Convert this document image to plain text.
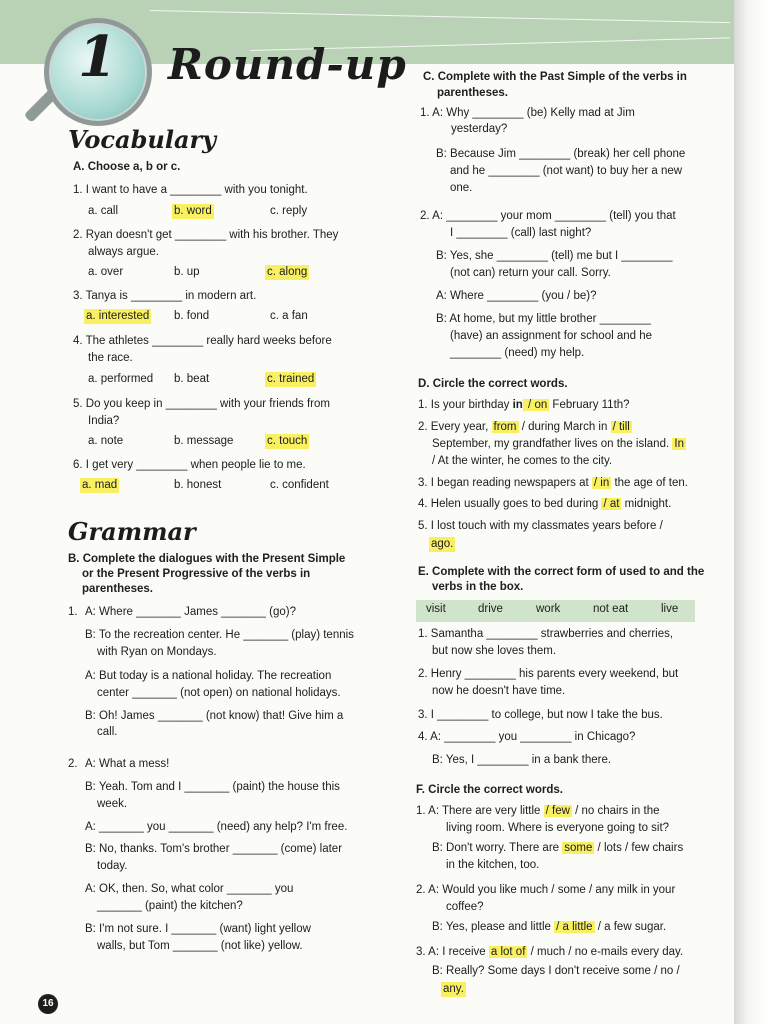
1 Round-up
Vocabulary
A. Choose a, b or c.
1. I want to have a ________ with you tonight.
a. call	b. word	c. reply
2. Ryan doesn't get ________ with his brother. They
always argue.
a. over	b. up	c. along
3. Tanya is ________ in modern art.
a. interested b. fond	c. a fan
4. The athletes ________ really hard weeks before
the race.
a. performed b. beat	c. trained
5. Do you keep in ________ with your friends from
India?
a. note	b. message	c. touch
6. I get very ________ when people lie to me.
a. mad	b. honest	c. confident
Grammar
B. Complete the dialogues with the Present Simple
or the Present Progressive of the verbs in
parentheses.
1. A: Where _______ James _______ (go)?
B: To the recreation center. He _______ (play) tennis
with Ryan on Mondays.
A: But today is a national holiday. The recreation
center _______ (not open) on national holidays.
B: Oh! James _______ (not know) that! Give him a
call.
2. A: What a mess!
B: Yeah. Tom and I _______ (paint) the house this
week.
A: _______ you _______ (need) any help? I'm free.
B: No, thanks. Tom's brother _______ (come) later
today.
A: OK, then. So, what color _______ you
_______ (paint) the kitchen?
B: I'm not sure. I _______ (want) light yellow
walls, but Tom _______ (not like) yellow.
C. Complete with the Past Simple of the verbs in
parentheses.
1. A: Why ________ (be) Kelly mad at Jim
yesterday?
B: Because Jim ________ (break) her cell phone
and he ________ (not want) to buy her a new
one.
2. A: ________ your mom ________ (tell) you that
I ________ (call) last night?
B: Yes, she ________ (tell) me but I ________
(not can) return your call. Sorry.
A: Where ________ (you / be)?
B: At home, but my little brother ________
(have) an assignment for school and he
________ (need) my help.
D. Circle the correct words.
1. Is your birthday in / on February 11th?
2. Every year, from / during March in / till
September, my grandfather lives on the island. In
/ At the winter, he comes to the city.
3. I began reading newspapers at / in the age of ten.
4. Helen usually goes to bed during / at midnight.
5. I lost touch with my classmates years before /
ago.
E. Complete with the correct form of used to and the
verbs in the box.
visit	drive	work	not eat	live
1. Samantha ________ strawberries and cherries,
but now she loves them.
2. Henry ________ his parents every weekend, but
now he doesn't have time.
3. I ________ to college, but now I take the bus.
4. A: ________ you ________ in Chicago?
B: Yes, I ________ in a bank there.
F. Circle the correct words.
1. A: There are very little / few / no chairs in the
living room. Where is everyone going to sit?
B: Don't worry. There are some / lots / few chairs
in the kitchen, too.
2. A: Would you like much / some / any milk in your
coffee?
B: Yes, please and little / a little / a few sugar.
3. A: I receive a lot of / much / no e-mails every day.
B: Really? Some days I don't receive some / no /
any.
16
